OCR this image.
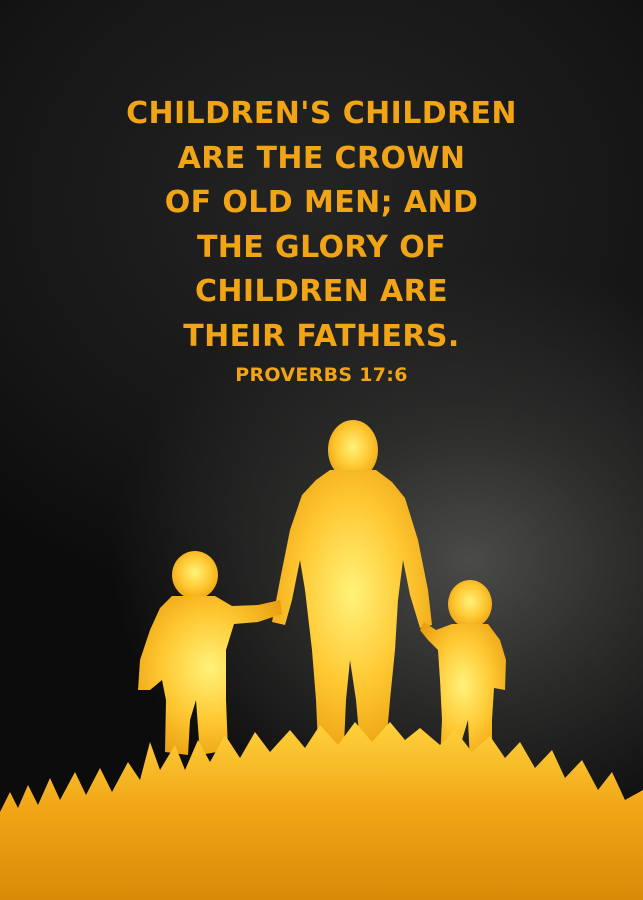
CHILDREN'S CHILDREN
ARE THE CROWN
OF OLD MEN; AND
THE GLORY OF
CHILDREN ARE
THEIR FATHERS.

PROVERBS 17:6
